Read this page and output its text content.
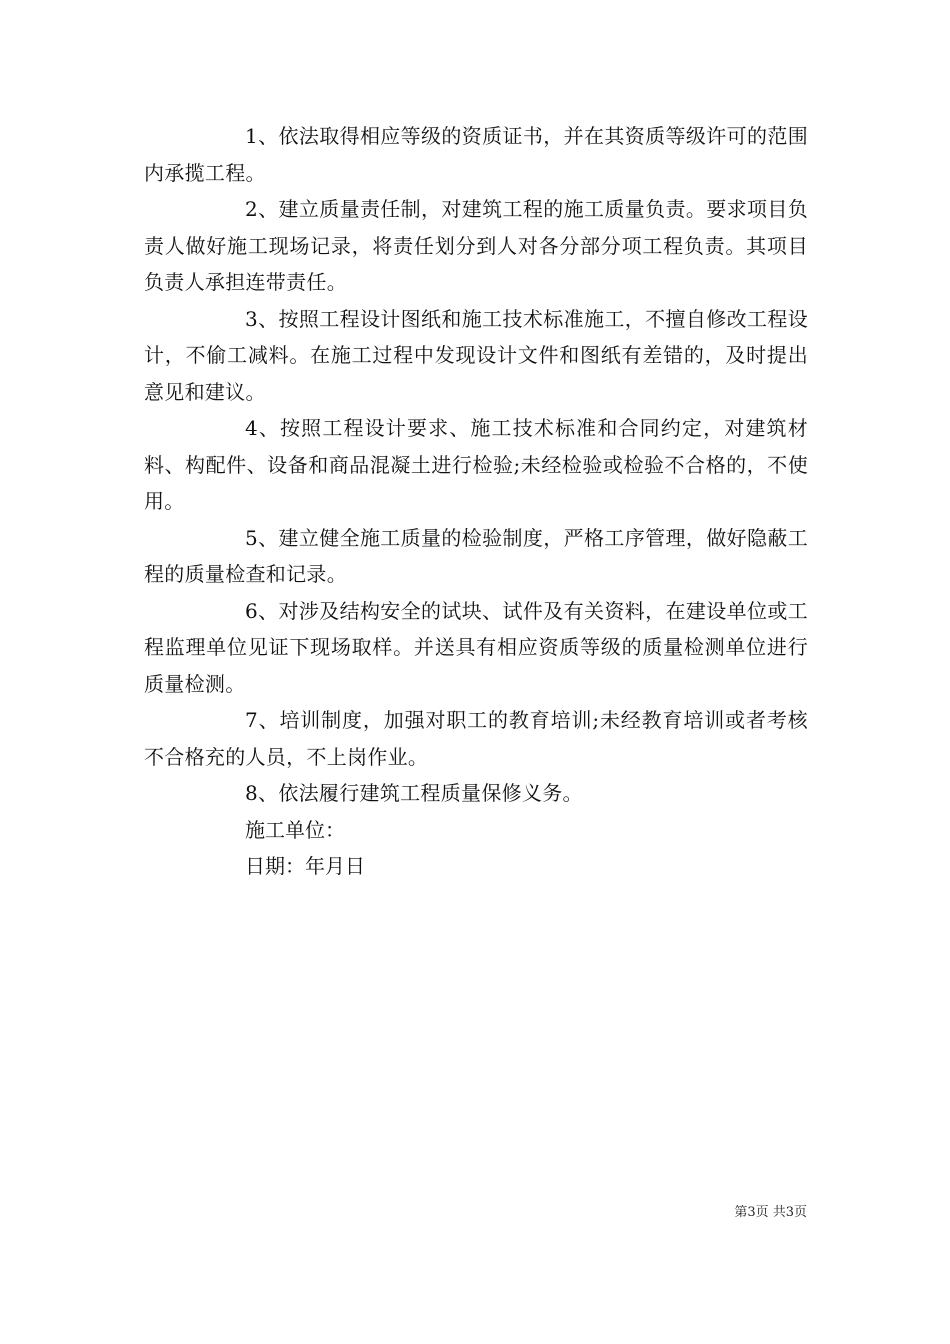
1、依法取得相应等级的资质证书，并在其资质等级许可的范围内承揽工程。

2、建立质量责任制，对建筑工程的施工质量负责。要求项目负责人做好施工现场记录，将责任划分到人对各分部分项工程负责。其项目负责人承担连带责任。

3、按照工程设计图纸和施工技术标准施工，不擅自修改工程设计，不偷工减料。在施工过程中发现设计文件和图纸有差错的，及时提出意见和建议。

4、按照工程设计要求、施工技术标准和合同约定，对建筑材料、构配件、设备和商品混凝土进行检验;未经检验或检验不合格的，不使用。

5、建立健全施工质量的检验制度，严格工序管理，做好隐蔽工程的质量检查和记录。

6、对涉及结构安全的试块、试件及有关资料，在建设单位或工程监理单位见证下现场取样。并送具有相应资质等级的质量检测单位进行质量检测。

7、培训制度，加强对职工的教育培训;未经教育培训或者考核不合格充的人员，不上岗作业。

8、依法履行建筑工程质量保修义务。

施工单位：

日期：年月日

第3页 共3页
